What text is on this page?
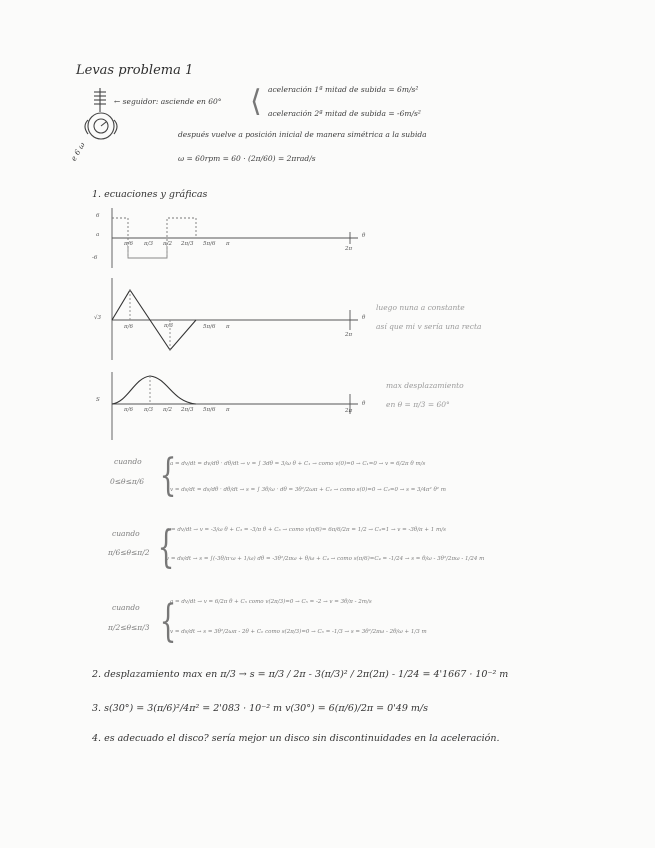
Levas problema 1
e 6 ω
← seguidor: asciende en 60° ⟨ aceleración 1ª mitad de subida = 6m/s²
aceleración 2ª mitad de subida = -6m/s²
después vuelve a posición inicial de manera simétrica a la subida
ω = 60rpm = 60 · (2π/60) = 2πrad/s
1. ecuaciones y gráficas
6
a
-6
π/6 π/3 π/2 2π/3 5π/6 π
2π
θ
√3
π/6	π/3	5π/6 π
2π
θ
luego nuna a constante
así que mi v sería una recta
S
π/6 π/3 π/2 2π/3 5π/6 π	2π
θ
max desplazamiento
en θ = π/3 = 60°
cuando
0≤θ≤π/6 {
a = dv/dt = dv/dθ · dθ/dt → v = ∫ 3dθ = 3/ω θ + C₁ → como v(0)=0 → C₁=0 → v = 6/2π θ m/s
v = ds/dt = ds/dθ · dθ/dt → s = ∫ 3θ/ω · dθ = 3θ²/2ωπ + C₂ → como s(0)=0 → C₂=0 → s = 3/4π² θ² m
cuando
π/6≤θ≤π/2 {
a = dv/dt → v = -3/ω θ + C₃ = -3/π θ + C₃ → como v(π/6)= 6π/6/2π = 1/2 → C₃=1 → v = -3θ/π + 1 m/s
v = ds/dt → s = ∫(-3θ/π·ω + 1/ω) dθ = -3θ²/2πω + θ/ω + C₄ → como s(π/6)=C₄ = -1/24 → s = θ/ω - 3θ²/2πω - 1/24 m
cuando
π/2≤θ≤π/3 {
a = dv/dt → v = 6/2π θ + C₅ como v(2π/3)=0 → C₅ = -2 → v = 3θ/π - 2m/s
v = ds/dt → s = 3θ²/2ωπ - 2θ + C₆ como s(2π/3)=0 → C₆ = -1/3 → s = 3θ²/2πω - 2θ/ω + 1/3 m
2. desplazamiento max en π/3 → s = π/3 / 2π - 3(π/3)² / 2π(2π) - 1/24 = 4'1667 · 10⁻² m
3. s(30°) = 3(π/6)²/4π² = 2'083 · 10⁻² m v(30°) = 6(π/6)/2π = 0'49 m/s
4. es adecuado el disco? sería mejor un disco sin discontinuidades en la aceleración.
